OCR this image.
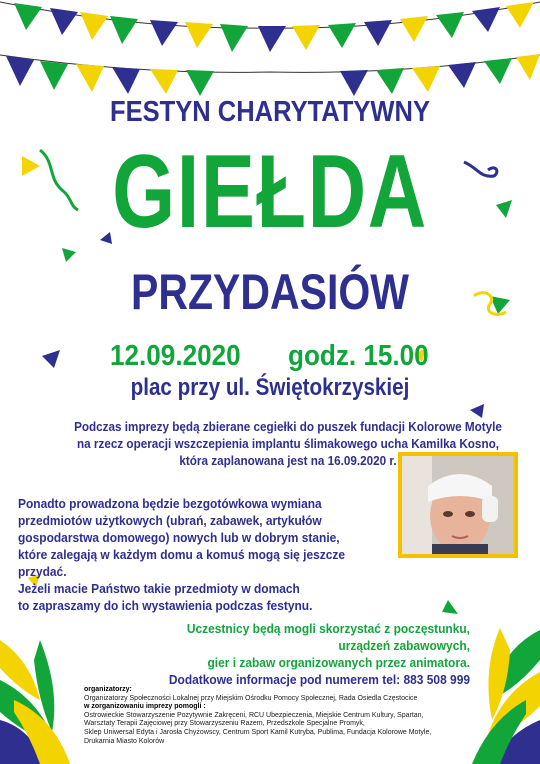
FESTYN CHARYTATYWNY
GIEŁDA
PRZYDASIÓW
12.09.2020 godz. 15.00
plac przy ul. Świętokrzyskiej
Podczas imprezy będą zbierane cegiełki do puszek fundacji Kolorowe Motyle
na rzecz operacji wszczepienia implantu ślimakowego ucha Kamilka Kosno,
która zaplanowana jest na 16.09.2020 r.
Ponadto prowadzona będzie bezgotówkowa wymiana
przedmiotów użytkowych (ubrań, zabawek, artykułów
gospodarstwa domowego) nowych lub w dobrym stanie,
które zalegają w każdym domu a komuś mogą się jeszcze przydać.
Jeżeli macie Państwo takie przedmioty w domach
to zapraszamy do ich wystawienia podczas festynu.
Uczestnicy będą mogli skorzystać z poczęstunku,
urządzeń zabawowych,
gier i zabaw organizowanych przez animatora.
Dodatkowe informacje pod numerem tel: 883 508 999
organizatorzy:
Organizatorzy Społeczności Lokalnej przy Miejskim Ośrodku Pomocy Społecznej, Rada Osiedla Częstocice
w zorganizowaniu imprezy pomogli :
Ostrowieckie Stowarzyszenie Pozytywnie Zakręceni, RCU Ubezpieczenia, Miejskie Centrum Kultury, Spartan,
Warsztaty Terapii Zajęciowej przy Stowarzyszeniu Razem, Przedszkole Specjalne Promyk,
Sklep Uniwersal Edyta i Jarosła Chyżowscy, Centrum Sport Kamil Kutryba, Publima, Fundacja Kolorowe Motyle,
Drukarnia Miasto Kolorów
